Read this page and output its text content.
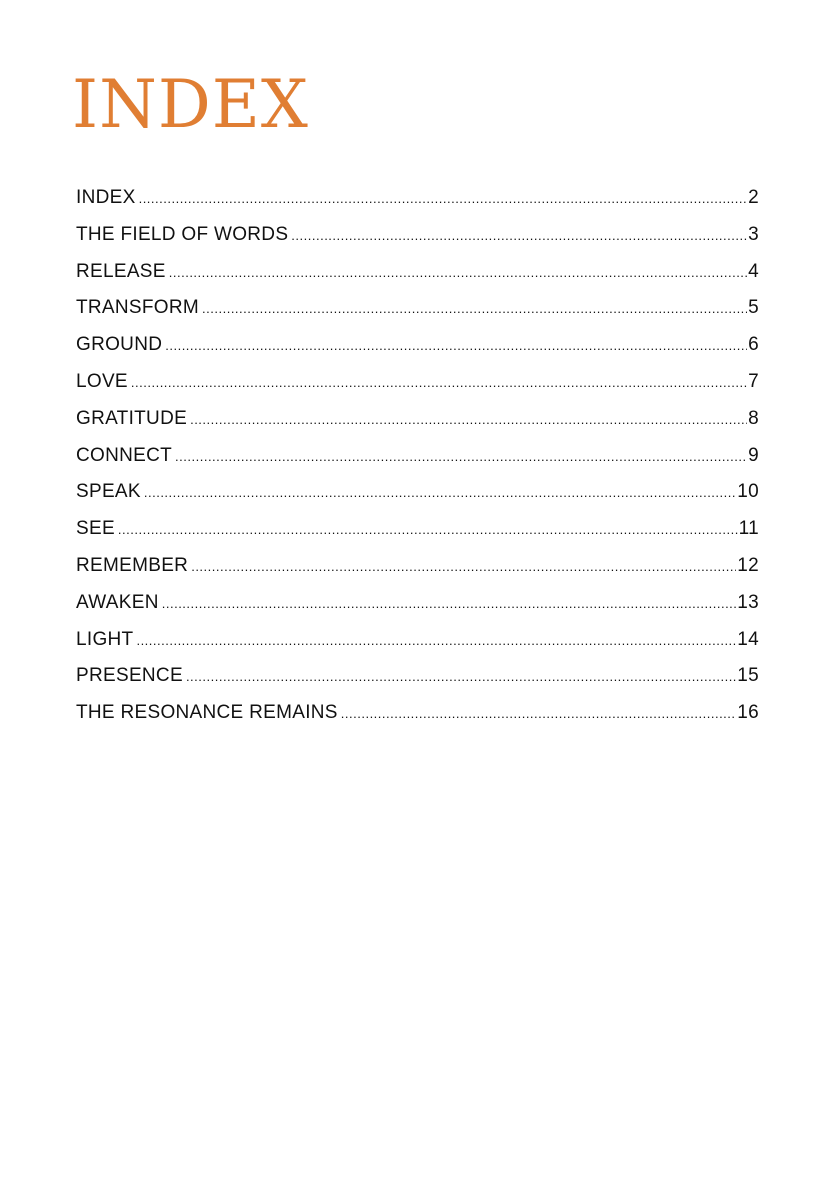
INDEX
INDEX .....	2
THE FIELD OF WORDS .....	3
RELEASE .....	4
TRANSFORM .....	5
GROUND .....	6
LOVE .....	7
GRATITUDE .....	8
CONNECT .....	9
SPEAK .....	10
SEE .....	11
REMEMBER .....	12
AWAKEN .....	13
LIGHT .....	14
PRESENCE .....	15
THE RESONANCE REMAINS .....	16
